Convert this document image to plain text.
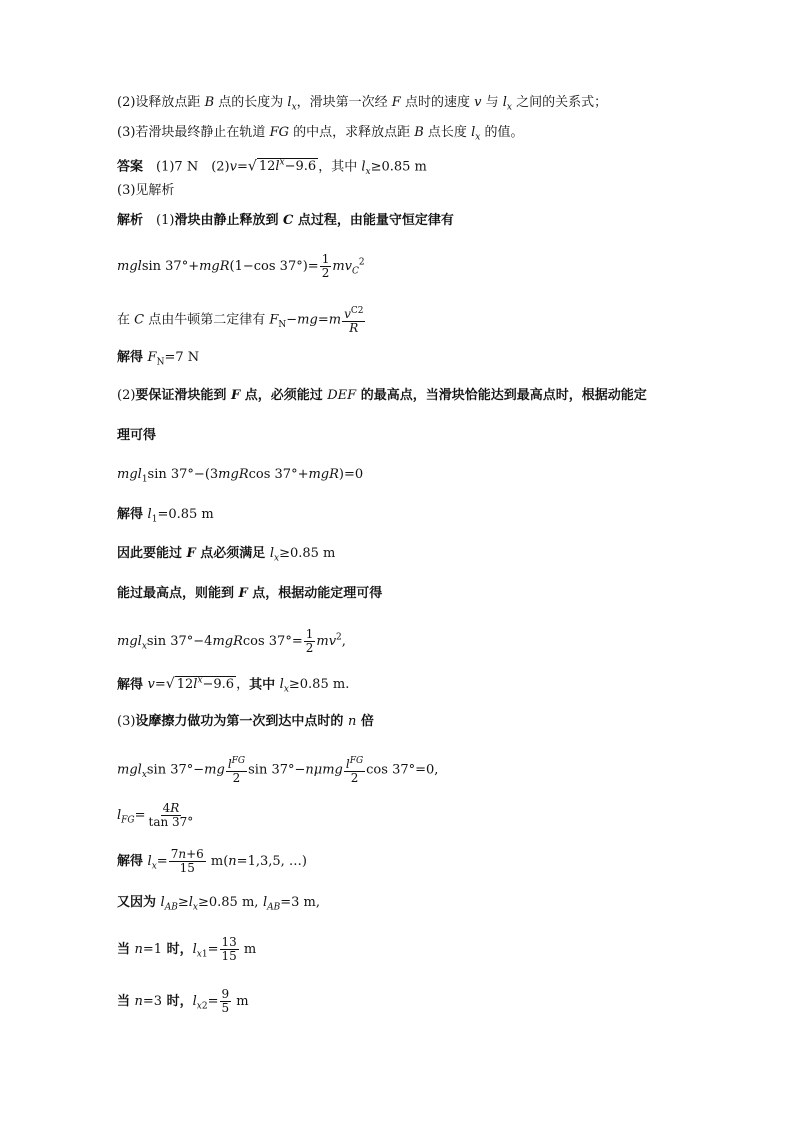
(2)设释放点距 B 点的长度为 $l_x$，滑块第一次经 F 点时的速度 v 与 $l_x$ 之间的关系式；
(3)若滑块最终静止在轨道 FG 的中点，求释放点距 B 点长度 $l_x$ 的值。
答案　(1)7 N　(2)v=√ $12l^x-9.6$ ，其中 $l_x\ge 0.85$ m
(3)见解析
解析　(1)滑块由静止释放到 C 点过程，由能量守恒定律有
mglsin 37°+mgR(1−cos $37^\circ)= \frac{1}{2} mv_C^2$
在 C 点由牛顿第二定律有 $F_N-mg=m \frac{v^{C2}}{R}$
解得 $F_N=7$ N
(2)要保证滑块能到 F 点，必须能过 DEF 的最高点，当滑块恰能达到最高点时，根据动能定
理可得
mgl$_1$sin 37°−(3mgRcos 37°+mgR)=0
解得 $l_1=0.85$ m
因此要能过 F 点必须满足 $l_x\ge 0.85$ m
能过最高点，则能到 F 点，根据动能定理可得
mgl$_x$sin 37°−4mgRcos $37^\circ= \frac{1}{2} mv^2$,
解得 v=√ $12l^x-9.6$ ，其中 $l_x\ge 0.85$ m.
(3)设摩擦力做功为第一次到达中点时的 n 倍
mgl$_x$sin $37^\circ-mg \frac{l^{FG}}{2}$ $\sin 37^\circ-n\mu mg \frac{l^{FG}}{2}$ cos 37°=0,
$l_{FG}= \frac{4R}{\tan 37^\circ}$
解得 $l_x= \frac{7n+6}{15} m(n=1,3,5$, …)
又因为 $l_{AB}\ge l_x\ge 0.85$ m, $l_{AB}=3$ m,
当 n=1 时，$l_{x1}= \frac{13}{15}$ m
当 n=3 时，$l_{x2}= \frac{9}{5}$ m
